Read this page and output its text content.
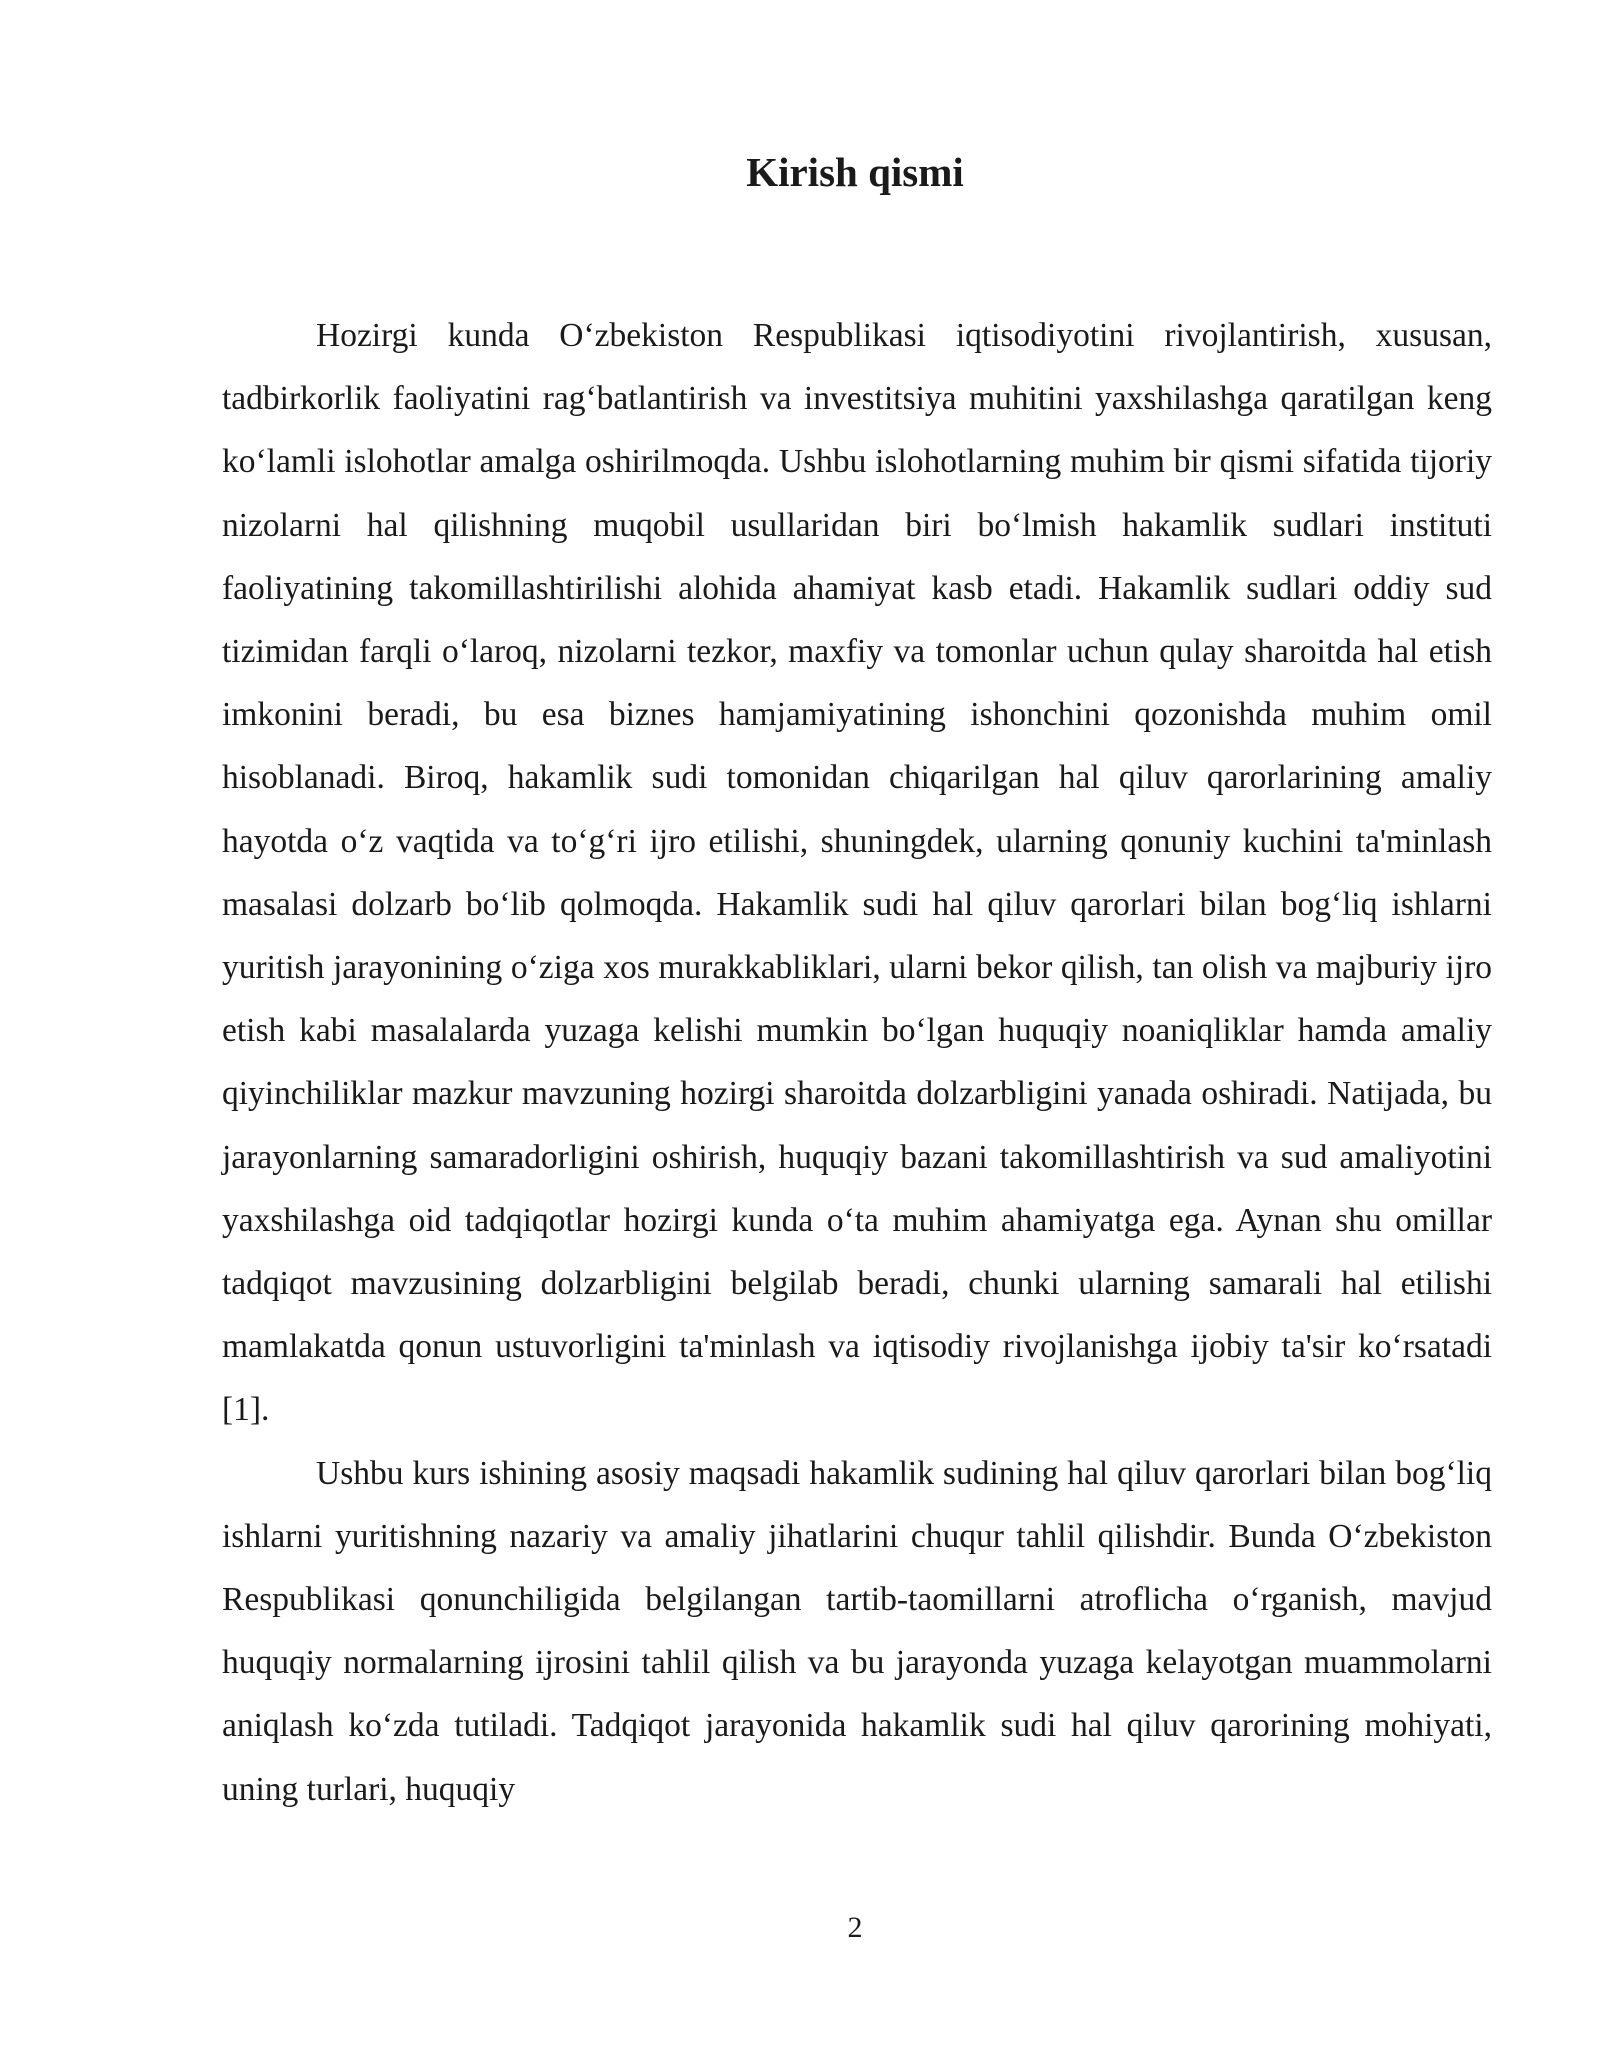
Kirish qismi

Hozirgi kunda O‘zbekiston Respublikasi iqtisodiyotini rivojlantirish, xususan, tadbirkorlik faoliyatini rag‘batlantirish va investitsiya muhitini yaxshilashga qaratilgan keng ko‘lamli islohotlar amalga oshirilmoqda. Ushbu islohotlarning muhim bir qismi sifatida tijoriy nizolarni hal qilishning muqobil usullaridan biri bo‘lmish hakamlik sudlari instituti faoliyatining takomillashtirilishi alohida ahamiyat kasb etadi. Hakamlik sudlari oddiy sud tizimidan farqli o‘laroq, nizolarni tezkor, maxfiy va tomonlar uchun qulay sharoitda hal etish imkonini beradi, bu esa biznes hamjamiyatining ishonchini qozonishda muhim omil hisoblanadi. Biroq, hakamlik sudi tomonidan chiqarilgan hal qiluv qarorlarining amaliy hayotda o‘z vaqtida va to‘g‘ri ijro etilishi, shuningdek, ularning qonuniy kuchini ta'minlash masalasi dolzarb bo‘lib qolmoqda. Hakamlik sudi hal qiluv qarorlari bilan bog‘liq ishlarni yuritish jarayonining o‘ziga xos murakkabliklari, ularni bekor qilish, tan olish va majburiy ijro etish kabi masalalarda yuzaga kelishi mumkin bo‘lgan huquqiy noaniqliklar hamda amaliy qiyinchiliklar mazkur mavzuning hozirgi sharoitda dolzarbligini yanada oshiradi. Natijada, bu jarayonlarning samaradorligini oshirish, huquqiy bazani takomillashtirish va sud amaliyotini yaxshilashga oid tadqiqotlar hozirgi kunda o‘ta muhim ahamiyatga ega. Aynan shu omillar tadqiqot mavzusining dolzarbligini belgilab beradi, chunki ularning samarali hal etilishi mamlakatda qonun ustuvorligini ta'minlash va iqtisodiy rivojlanishga ijobiy ta'sir ko‘rsatadi [1].

Ushbu kurs ishining asosiy maqsadi hakamlik sudining hal qiluv qarorlari bilan bog‘liq ishlarni yuritishning nazariy va amaliy jihatlarini chuqur tahlil qilishdir. Bunda O‘zbekiston Respublikasi qonunchiligida belgilangan tartib-taomillarni atroflicha o‘rganish, mavjud huquqiy normalarning ijrosini tahlil qilish va bu jarayonda yuzaga kelayotgan muammolarni aniqlash ko‘zda tutiladi. Tadqiqot jarayonida hakamlik sudi hal qiluv qarorining mohiyati, uning turlari, huquqiy

2
